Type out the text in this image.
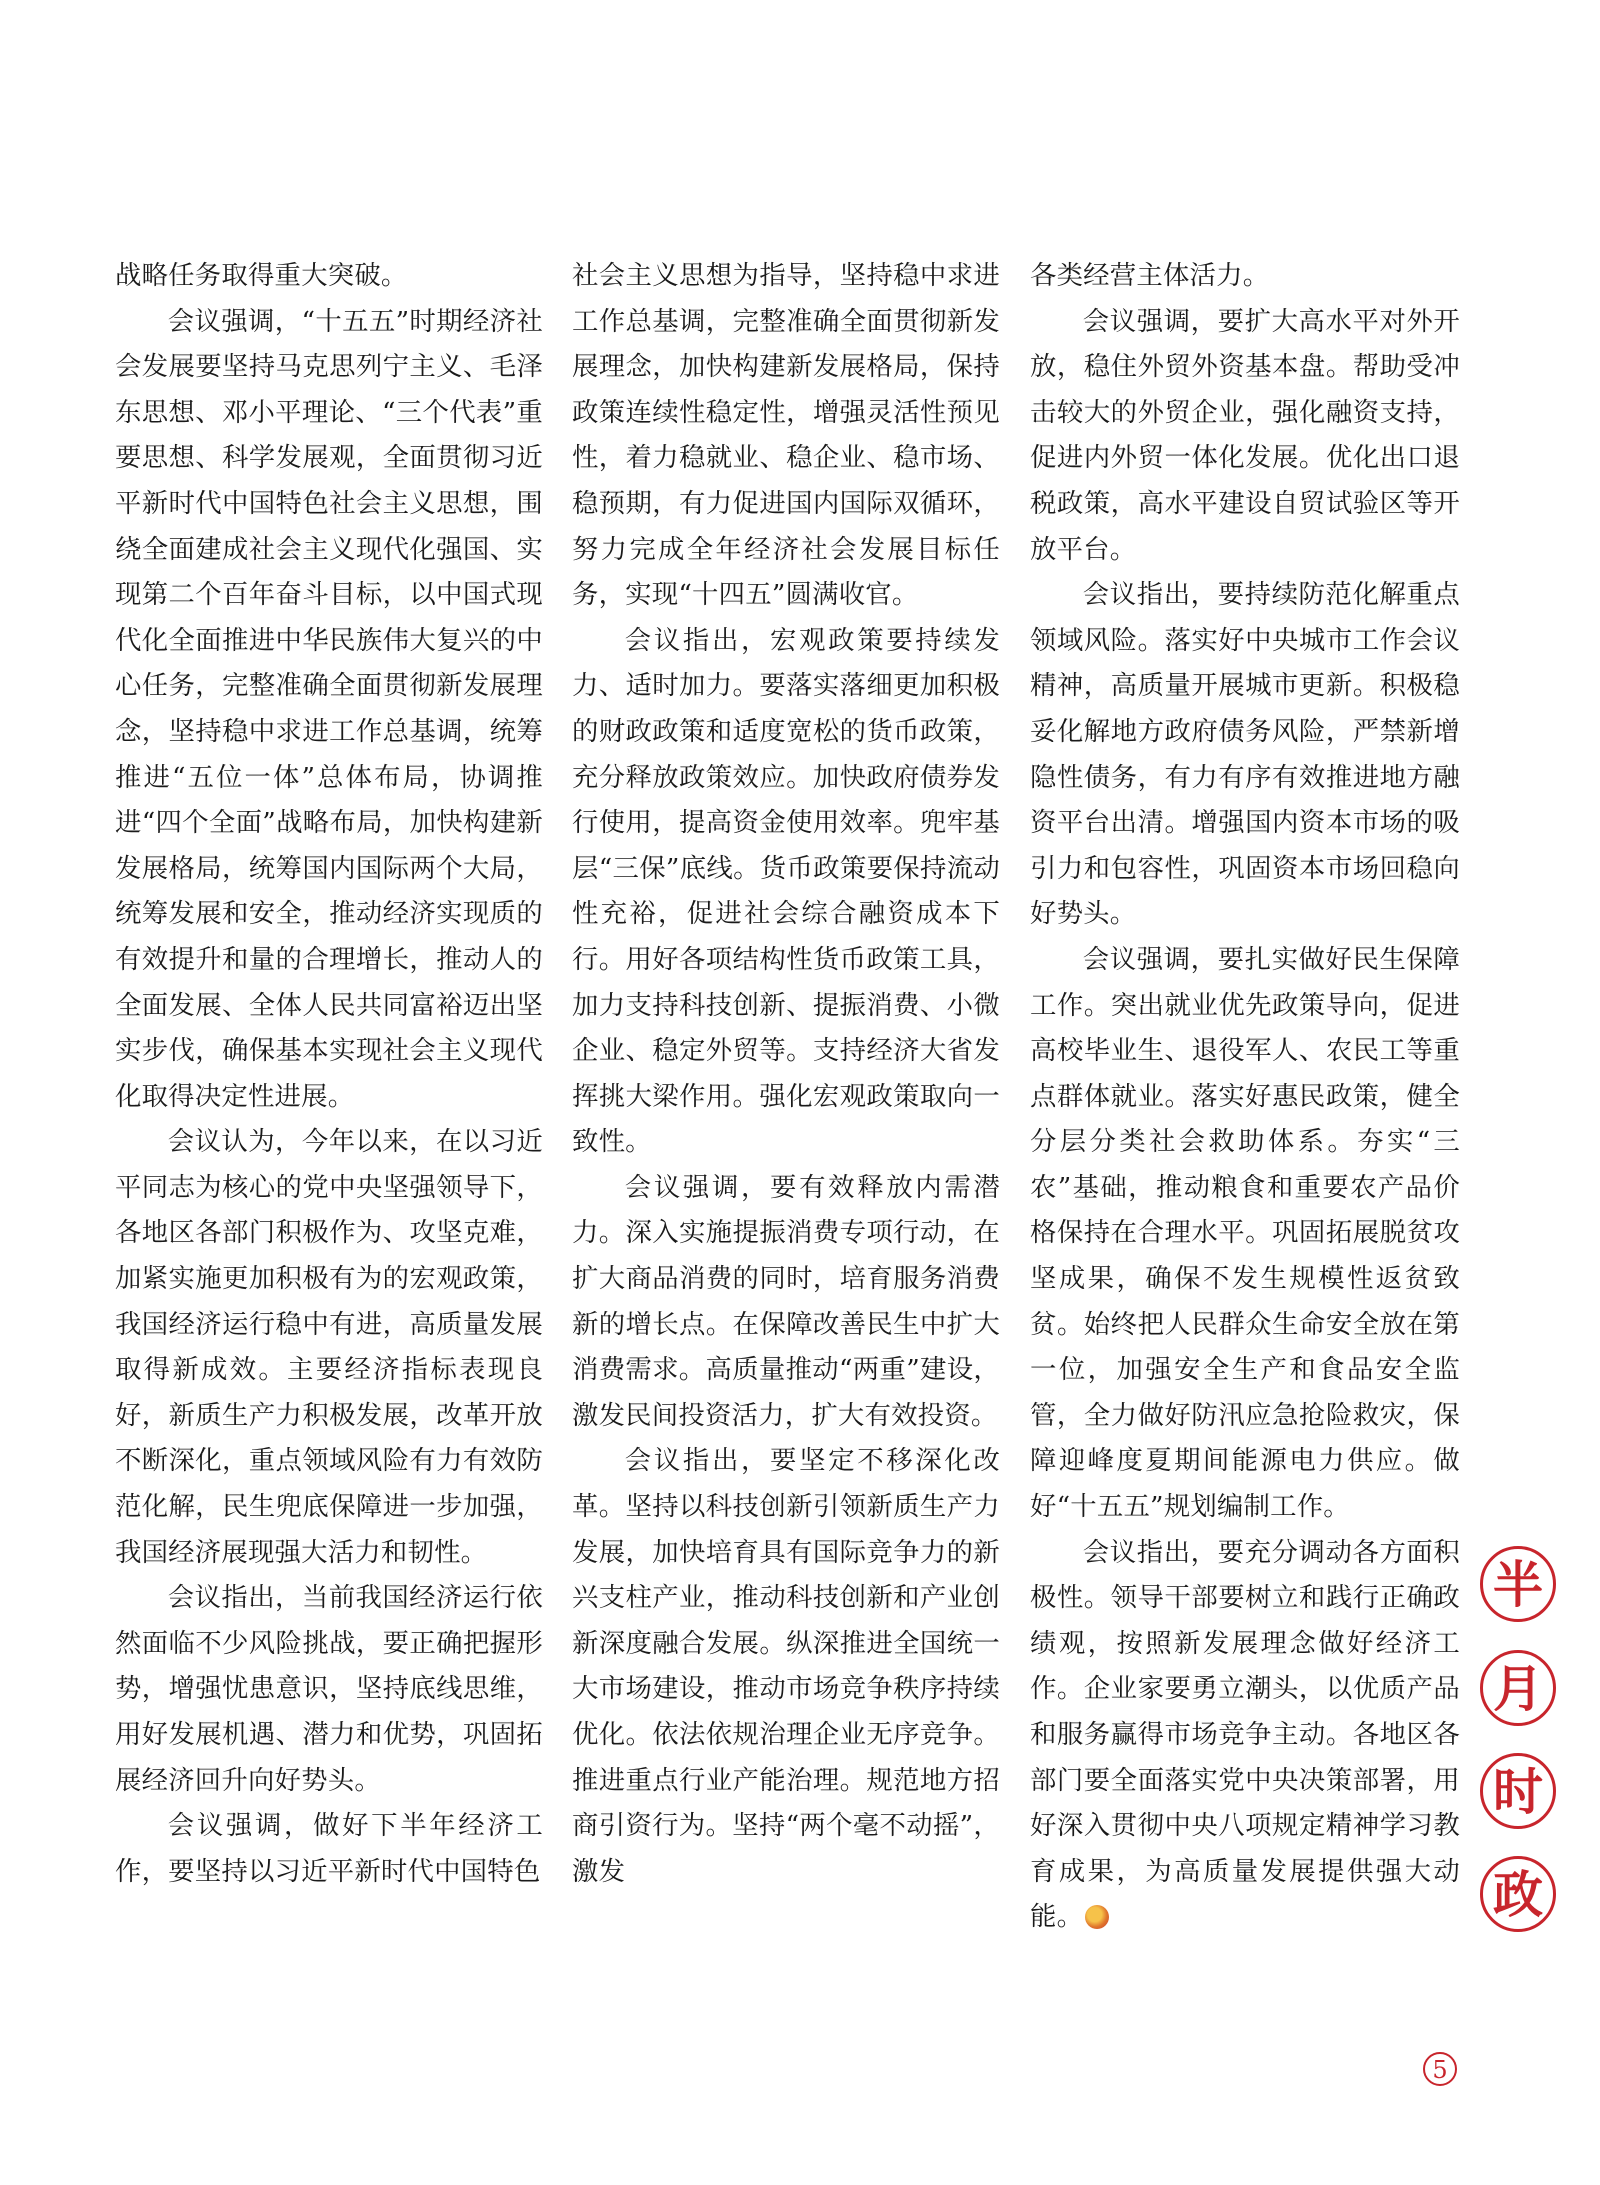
战略任务取得重大突破。

会议强调，“十五五”时期经济社会发展要坚持马克思列宁主义、毛泽东思想、邓小平理论、“三个代表”重要思想、科学发展观，全面贯彻习近平新时代中国特色社会主义思想，围绕全面建成社会主义现代化强国、实现第二个百年奋斗目标，以中国式现代化全面推进中华民族伟大复兴的中心任务，完整准确全面贯彻新发展理念，坚持稳中求进工作总基调，统筹推进“五位一体”总体布局，协调推进“四个全面”战略布局，加快构建新发展格局，统筹国内国际两个大局，统筹发展和安全，推动经济实现质的有效提升和量的合理增长，推动人的全面发展、全体人民共同富裕迈出坚实步伐，确保基本实现社会主义现代化取得决定性进展。

会议认为，今年以来，在以习近平同志为核心的党中央坚强领导下，各地区各部门积极作为、攻坚克难，加紧实施更加积极有为的宏观政策，我国经济运行稳中有进，高质量发展取得新成效。主要经济指标表现良好，新质生产力积极发展，改革开放不断深化，重点领域风险有力有效防范化解，民生兜底保障进一步加强，我国经济展现强大活力和韧性。

会议指出，当前我国经济运行依然面临不少风险挑战，要正确把握形势，增强忧患意识，坚持底线思维，用好发展机遇、潜力和优势，巩固拓展经济回升向好势头。

会议强调，做好下半年经济工作，要坚持以习近平新时代中国特色

社会主义思想为指导，坚持稳中求进工作总基调，完整准确全面贯彻新发展理念，加快构建新发展格局，保持政策连续性稳定性，增强灵活性预见性，着力稳就业、稳企业、稳市场、稳预期，有力促进国内国际双循环，努力完成全年经济社会发展目标任务，实现“十四五”圆满收官。

会议指出，宏观政策要持续发力、适时加力。要落实落细更加积极的财政政策和适度宽松的货币政策，充分释放政策效应。加快政府债券发行使用，提高资金使用效率。兜牢基层“三保”底线。货币政策要保持流动性充裕，促进社会综合融资成本下行。用好各项结构性货币政策工具，加力支持科技创新、提振消费、小微企业、稳定外贸等。支持经济大省发挥挑大梁作用。强化宏观政策取向一致性。

会议强调，要有效释放内需潜力。深入实施提振消费专项行动，在扩大商品消费的同时，培育服务消费新的增长点。在保障改善民生中扩大消费需求。高质量推动“两重”建设，激发民间投资活力，扩大有效投资。

会议指出，要坚定不移深化改革。坚持以科技创新引领新质生产力发展，加快培育具有国际竞争力的新兴支柱产业，推动科技创新和产业创新深度融合发展。纵深推进全国统一大市场建设，推动市场竞争秩序持续优化。依法依规治理企业无序竞争。推进重点行业产能治理。规范地方招商引资行为。坚持“两个毫不动摇”，激发

各类经营主体活力。

会议强调，要扩大高水平对外开放，稳住外贸外资基本盘。帮助受冲击较大的外贸企业，强化融资支持，促进内外贸一体化发展。优化出口退税政策，高水平建设自贸试验区等开放平台。

会议指出，要持续防范化解重点领域风险。落实好中央城市工作会议精神，高质量开展城市更新。积极稳妥化解地方政府债务风险，严禁新增隐性债务，有力有序有效推进地方融资平台出清。增强国内资本市场的吸引力和包容性，巩固资本市场回稳向好势头。

会议强调，要扎实做好民生保障工作。突出就业优先政策导向，促进高校毕业生、退役军人、农民工等重点群体就业。落实好惠民政策，健全分层分类社会救助体系。夯实“三农”基础，推动粮食和重要农产品价格保持在合理水平。巩固拓展脱贫攻坚成果，确保不发生规模性返贫致贫。始终把人民群众生命安全放在第一位，加强安全生产和食品安全监管，全力做好防汛应急抢险救灾，保障迎峰度夏期间能源电力供应。做好“十五五”规划编制工作。

会议指出，要充分调动各方面积极性。领导干部要树立和践行正确政绩观，按照新发展理念做好经济工作。企业家要勇立潮头，以优质产品和服务赢得市场竞争主动。各地区各部门要全面落实党中央决策部署，用好深入贯彻中央八项规定精神学习教育成果，为高质量发展提供强大动能。

半
月
时
政
5
